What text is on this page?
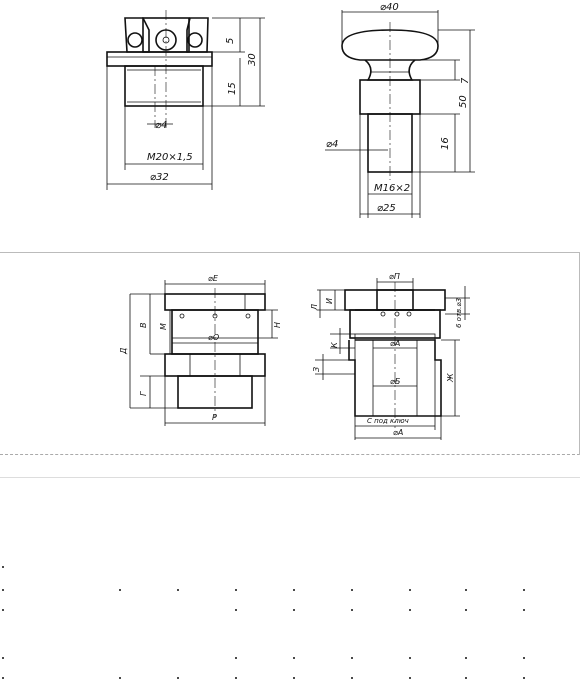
5
30
15
⌀4
M20×1,5
⌀32
⌀40
7
50
16
⌀4
M16×2
⌀25
⌀Е
⌀О
Д
В М
Г
Н
Р
⌀П
Л
И	6 отв.⌀3
К	⌀А
З
Ж
⌀Б
С под ключ
⌀А
